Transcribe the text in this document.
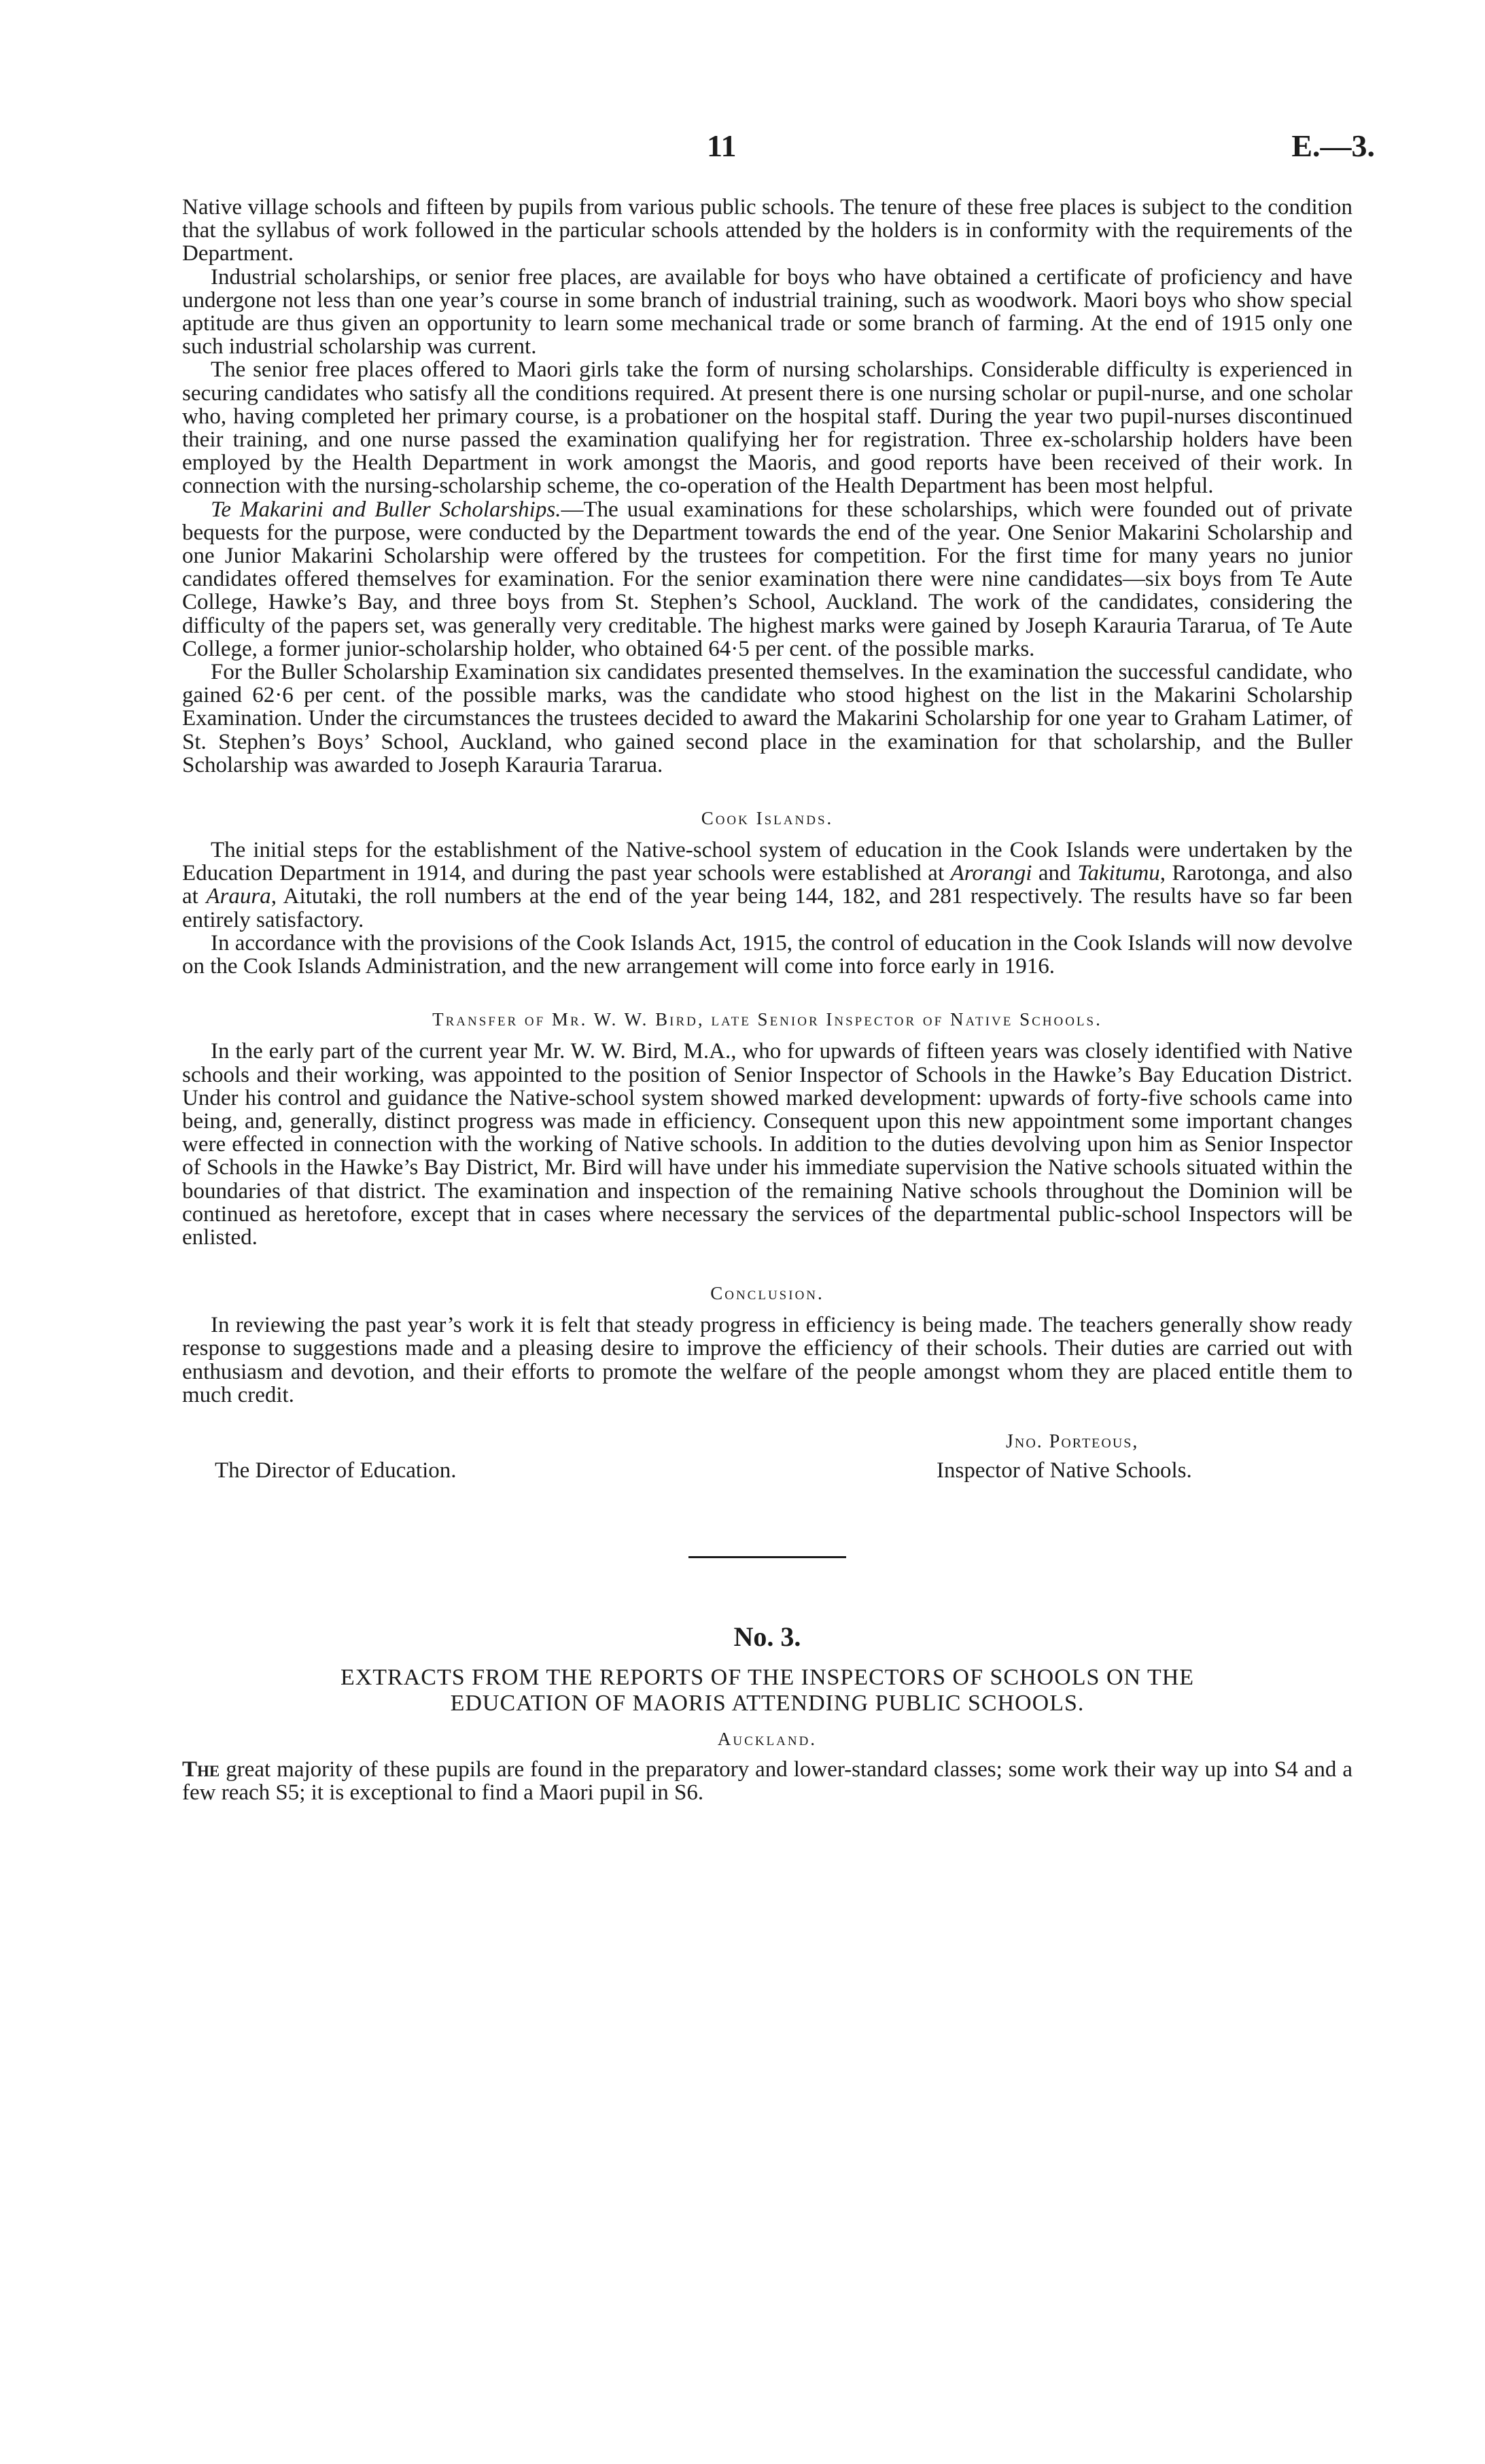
11	E.—3.

Native village schools and fifteen by pupils from various public schools. The tenure of these free places is subject to the condition that the syllabus of work followed in the particular schools attended by the holders is in conformity with the requirements of the Department.

Industrial scholarships, or senior free places, are available for boys who have obtained a certificate of proficiency and have undergone not less than one year’s course in some branch of industrial training, such as woodwork. Maori boys who show special aptitude are thus given an opportunity to learn some mechanical trade or some branch of farming. At the end of 1915 only one such industrial scholarship was current.

The senior free places offered to Maori girls take the form of nursing scholarships. Considerable difficulty is experienced in securing candidates who satisfy all the conditions required. At present there is one nursing scholar or pupil-nurse, and one scholar who, having completed her primary course, is a probationer on the hospital staff. During the year two pupil-nurses discontinued their training, and one nurse passed the examination qualifying her for registration. Three ex-scholarship holders have been employed by the Health Department in work amongst the Maoris, and good reports have been received of their work. In connection with the nursing-scholarship scheme, the co-operation of the Health Department has been most helpful.

Te Makarini and Buller Scholarships.—The usual examinations for these scholarships, which were founded out of private bequests for the purpose, were conducted by the Department towards the end of the year. One Senior Makarini Scholarship and one Junior Makarini Scholarship were offered by the trustees for competition. For the first time for many years no junior candidates offered themselves for examination. For the senior examination there were nine candidates—six boys from Te Aute College, Hawke’s Bay, and three boys from St. Stephen’s School, Auckland. The work of the candidates, considering the difficulty of the papers set, was generally very creditable. The highest marks were gained by Joseph Karauria Tararua, of Te Aute College, a former junior-scholarship holder, who obtained 64·5 per cent. of the possible marks.

For the Buller Scholarship Examination six candidates presented themselves. In the examination the successful candidate, who gained 62·6 per cent. of the possible marks, was the candidate who stood highest on the list in the Makarini Scholarship Examination. Under the circumstances the trustees decided to award the Makarini Scholarship for one year to Graham Latimer, of St. Stephen’s Boys’ School, Auckland, who gained second place in the examination for that scholarship, and the Buller Scholarship was awarded to Joseph Karauria Tararua.

Cook Islands.

The initial steps for the establishment of the Native-school system of education in the Cook Islands were undertaken by the Education Department in 1914, and during the past year schools were established at Arorangi and Takitumu, Rarotonga, and also at Araura, Aitutaki, the roll numbers at the end of the year being 144, 182, and 281 respectively. The results have so far been entirely satisfactory.

In accordance with the provisions of the Cook Islands Act, 1915, the control of education in the Cook Islands will now devolve on the Cook Islands Administration, and the new arrangement will come into force early in 1916.

Transfer of Mr. W. W. Bird, late Senior Inspector of Native Schools.

In the early part of the current year Mr. W. W. Bird, M.A., who for upwards of fifteen years was closely identified with Native schools and their working, was appointed to the position of Senior Inspector of Schools in the Hawke’s Bay Education District. Under his control and guidance the Native-school system showed marked development: upwards of forty-five schools came into being, and, generally, distinct progress was made in efficiency. Consequent upon this new appointment some important changes were effected in connection with the working of Native schools. In addition to the duties devolving upon him as Senior Inspector of Schools in the Hawke’s Bay District, Mr. Bird will have under his immediate supervision the Native schools situated within the boundaries of that district. The examination and inspection of the remaining Native schools throughout the Dominion will be continued as heretofore, except that in cases where necessary the services of the departmental public-school Inspectors will be enlisted.

Conclusion.

In reviewing the past year’s work it is felt that steady progress in efficiency is being made. The teachers generally show ready response to suggestions made and a pleasing desire to improve the efficiency of their schools. Their duties are carried out with enthusiasm and devotion, and their efforts to promote the welfare of the people amongst whom they are placed entitle them to much credit.

Jno. Porteous,
The Director of Education.	Inspector of Native Schools.
No. 3.
EXTRACTS FROM THE REPORTS OF THE INSPECTORS OF SCHOOLS ON THE
EDUCATION OF MAORIS ATTENDING PUBLIC SCHOOLS.
Auckland.

The great majority of these pupils are found in the preparatory and lower-standard classes; some work their way up into S4 and a few reach S5; it is exceptional to find a Maori pupil in S6.
